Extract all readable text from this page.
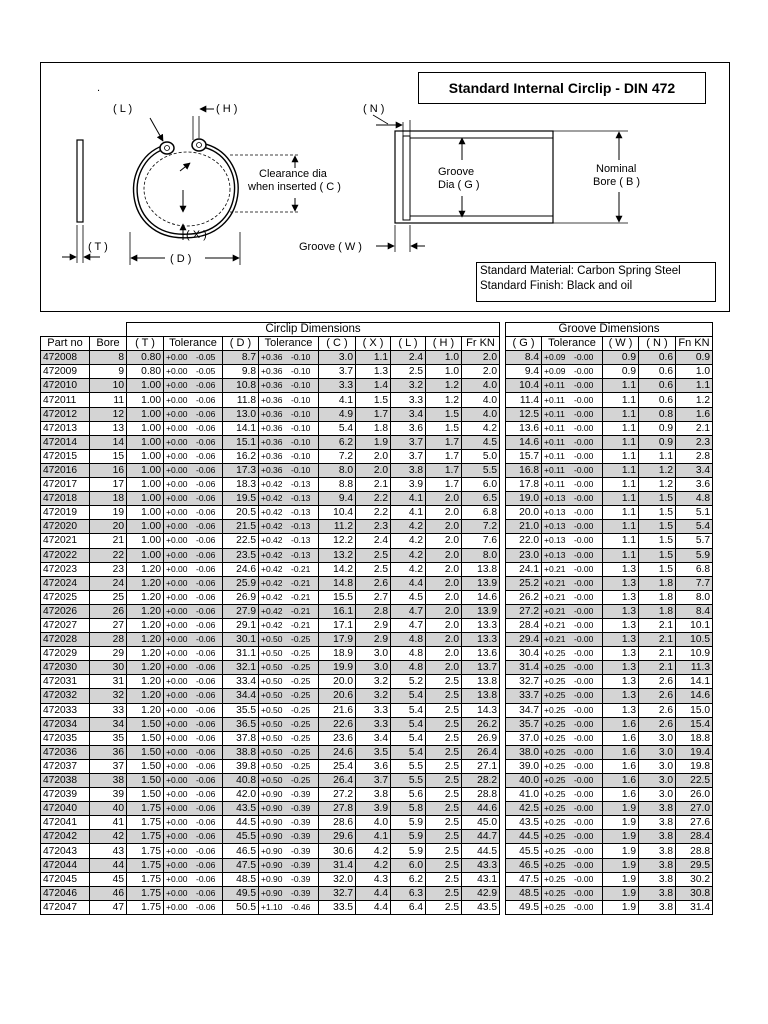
.
( T )
( L )	( H )
( X )
Clearance dia
when inserted ( C )
( D )
( N )
Groove
Dia ( G )
Nominal
Bore ( B )
Groove ( W )
Standard Internal Circlip - DIN 472
Standard Material: Carbon Spring Steel
Standard Finish: Black and oil
		Circlip Dimensions										Groove Dimensions				
Part no	Bore	( T )	Tolerance	( D )	Tolerance	( C )	( X )	( L )	( H )	Fr KN		( G )	Tolerance	( W )	( N )	Fn KN
472008	8	0.80	+0.00 -0.05	8.7	+0.36 -0.10	3.0	1.1	2.4	1.0	2.0		8.4	+0.09 -0.00	0.9	0.6	0.9
472009	9	0.80	+0.00 -0.05	9.8	+0.36 -0.10	3.7	1.3	2.5	1.0	2.0		9.4	+0.09 -0.00	0.9	0.6	1.0
472010	10	1.00	+0.00 -0.06	10.8	+0.36 -0.10	3.3	1.4	3.2	1.2	4.0		10.4	+0.11 -0.00	1.1	0.6	1.1
472011	11	1.00	+0.00 -0.06	11.8	+0.36 -0.10	4.1	1.5	3.3	1.2	4.0		11.4	+0.11 -0.00	1.1	0.6	1.2
472012	12	1.00	+0.00 -0.06	13.0	+0.36 -0.10	4.9	1.7	3.4	1.5	4.0		12.5	+0.11 -0.00	1.1	0.8	1.6
472013	13	1.00	+0.00 -0.06	14.1	+0.36 -0.10	5.4	1.8	3.6	1.5	4.2		13.6	+0.11 -0.00	1.1	0.9	2.1
472014	14	1.00	+0.00 -0.06	15.1	+0.36 -0.10	6.2	1.9	3.7	1.7	4.5		14.6	+0.11 -0.00	1.1	0.9	2.3
472015	15	1.00	+0.00 -0.06	16.2	+0.36 -0.10	7.2	2.0	3.7	1.7	5.0		15.7	+0.11 -0.00	1.1	1.1	2.8
472016	16	1.00	+0.00 -0.06	17.3	+0.36 -0.10	8.0	2.0	3.8	1.7	5.5		16.8	+0.11 -0.00	1.1	1.2	3.4
472017	17	1.00	+0.00 -0.06	18.3	+0.42 -0.13	8.8	2.1	3.9	1.7	6.0		17.8	+0.11 -0.00	1.1	1.2	3.6
472018	18	1.00	+0.00 -0.06	19.5	+0.42 -0.13	9.4	2.2	4.1	2.0	6.5		19.0	+0.13 -0.00	1.1	1.5	4.8
472019	19	1.00	+0.00 -0.06	20.5	+0.42 -0.13	10.4	2.2	4.1	2.0	6.8		20.0	+0.13 -0.00	1.1	1.5	5.1
472020	20	1.00	+0.00 -0.06	21.5	+0.42 -0.13	11.2	2.3	4.2	2.0	7.2		21.0	+0.13 -0.00	1.1	1.5	5.4
472021	21	1.00	+0.00 -0.06	22.5	+0.42 -0.13	12.2	2.4	4.2	2.0	7.6		22.0	+0.13 -0.00	1.1	1.5	5.7
472022	22	1.00	+0.00 -0.06	23.5	+0.42 -0.13	13.2	2.5	4.2	2.0	8.0		23.0	+0.13 -0.00	1.1	1.5	5.9
472023	23	1.20	+0.00 -0.06	24.6	+0.42 -0.21	14.2	2.5	4.2	2.0	13.8		24.1	+0.21 -0.00	1.3	1.5	6.8
472024	24	1.20	+0.00 -0.06	25.9	+0.42 -0.21	14.8	2.6	4.4	2.0	13.9		25.2	+0.21 -0.00	1.3	1.8	7.7
472025	25	1.20	+0.00 -0.06	26.9	+0.42 -0.21	15.5	2.7	4.5	2.0	14.6		26.2	+0.21 -0.00	1.3	1.8	8.0
472026	26	1.20	+0.00 -0.06	27.9	+0.42 -0.21	16.1	2.8	4.7	2.0	13.9		27.2	+0.21 -0.00	1.3	1.8	8.4
472027	27	1.20	+0.00 -0.06	29.1	+0.42 -0.21	17.1	2.9	4.7	2.0	13.3		28.4	+0.21 -0.00	1.3	2.1	10.1
472028	28	1.20	+0.00 -0.06	30.1	+0.50 -0.25	17.9	2.9	4.8	2.0	13.3		29.4	+0.21 -0.00	1.3	2.1	10.5
472029	29	1.20	+0.00 -0.06	31.1	+0.50 -0.25	18.9	3.0	4.8	2.0	13.6		30.4	+0.25 -0.00	1.3	2.1	10.9
472030	30	1.20	+0.00 -0.06	32.1	+0.50 -0.25	19.9	3.0	4.8	2.0	13.7		31.4	+0.25 -0.00	1.3	2.1	11.3
472031	31	1.20	+0.00 -0.06	33.4	+0.50 -0.25	20.0	3.2	5.2	2.5	13.8		32.7	+0.25 -0.00	1.3	2.6	14.1
472032	32	1.20	+0.00 -0.06	34.4	+0.50 -0.25	20.6	3.2	5.4	2.5	13.8		33.7	+0.25 -0.00	1.3	2.6	14.6
472033	33	1.20	+0.00 -0.06	35.5	+0.50 -0.25	21.6	3.3	5.4	2.5	14.3		34.7	+0.25 -0.00	1.3	2.6	15.0
472034	34	1.50	+0.00 -0.06	36.5	+0.50 -0.25	22.6	3.3	5.4	2.5	26.2		35.7	+0.25 -0.00	1.6	2.6	15.4
472035	35	1.50	+0.00 -0.06	37.8	+0.50 -0.25	23.6	3.4	5.4	2.5	26.9		37.0	+0.25 -0.00	1.6	3.0	18.8
472036	36	1.50	+0.00 -0.06	38.8	+0.50 -0.25	24.6	3.5	5.4	2.5	26.4		38.0	+0.25 -0.00	1.6	3.0	19.4
472037	37	1.50	+0.00 -0.06	39.8	+0.50 -0.25	25.4	3.6	5.5	2.5	27.1		39.0	+0.25 -0.00	1.6	3.0	19.8
472038	38	1.50	+0.00 -0.06	40.8	+0.50 -0.25	26.4	3.7	5.5	2.5	28.2		40.0	+0.25 -0.00	1.6	3.0	22.5
472039	39	1.50	+0.00 -0.06	42.0	+0.90 -0.39	27.2	3.8	5.6	2.5	28.8		41.0	+0.25 -0.00	1.6	3.0	26.0
472040	40	1.75	+0.00 -0.06	43.5	+0.90 -0.39	27.8	3.9	5.8	2.5	44.6		42.5	+0.25 -0.00	1.9	3.8	27.0
472041	41	1.75	+0.00 -0.06	44.5	+0.90 -0.39	28.6	4.0	5.9	2.5	45.0		43.5	+0.25 -0.00	1.9	3.8	27.6
472042	42	1.75	+0.00 -0.06	45.5	+0.90 -0.39	29.6	4.1	5.9	2.5	44.7		44.5	+0.25 -0.00	1.9	3.8	28.4
472043	43	1.75	+0.00 -0.06	46.5	+0.90 -0.39	30.6	4.2	5.9	2.5	44.5		45.5	+0.25 -0.00	1.9	3.8	28.8
472044	44	1.75	+0.00 -0.06	47.5	+0.90 -0.39	31.4	4.2	6.0	2.5	43.3		46.5	+0.25 -0.00	1.9	3.8	29.5
472045	45	1.75	+0.00 -0.06	48.5	+0.90 -0.39	32.0	4.3	6.2	2.5	43.1		47.5	+0.25 -0.00	1.9	3.8	30.2
472046	46	1.75	+0.00 -0.06	49.5	+0.90 -0.39	32.7	4.4	6.3	2.5	42.9		48.5	+0.25 -0.00	1.9	3.8	30.8
472047	47	1.75	+0.00 -0.06	50.5	+1.10 -0.46	33.5	4.4	6.4	2.5	43.5		49.5	+0.25 -0.00	1.9	3.8	31.4
